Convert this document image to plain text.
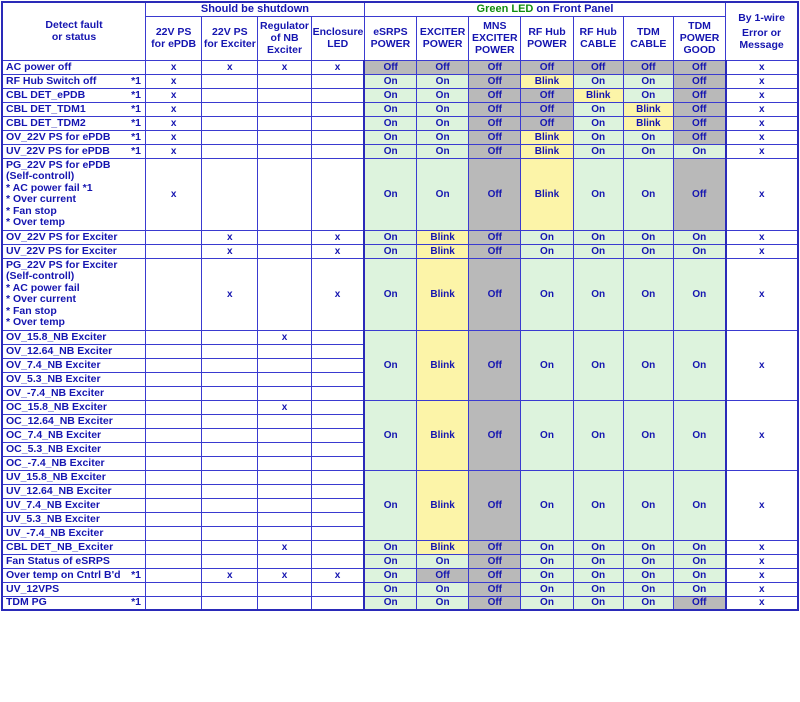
Detect fault
or status
	Should be shutdown	Green LED on Front Panel	
By 1-wire
Error or
Message

22V PS
for ePDB

22V PS
for Exciter

Regulator
of NB
Exciter

Enclosure
LED

eSRPS
POWER

EXCITER
POWER

MNS
EXCITER
POWER

RF Hub
POWER

RF Hub
CABLE

TDM
CABLE

TDM
POWER
GOOD

AC power off	x	x	x	x	Off	Off	Off	Off	Off	Off	Off	x
RF Hub Switch off *1	x				On	On	Off	Blink	On	On	Off	x
CBL DET_ePDB *1	x				On	On	Off	Off	Blink	On	Off	x
CBL DET_TDM1 *1	x				On	On	Off	Off	On	Blink	Off	x
CBL DET_TDM2 *1	x				On	On	Off	Off	On	Blink	Off	x
OV_22V PS for ePDB *1	x				On	On	Off	Blink	On	On	Off	x
UV_22V PS for ePDB *1	x				On	On	Off	Blink	On	On	On	x

PG_22V PS for ePDB
(Self-controll)
* AC power fail *1
* Over current
* Fan stop
* Over temp
	x				On	On	Off	Blink	On	On	Off	x
OV_22V PS for Exciter		x		x	On	Blink	Off	On	On	On	On	x
UV_22V PS for Exciter		x		x	On	Blink	Off	On	On	On	On	x

PG_22V PS for Exciter
(Self-controll)
* AC power fail
* Over current
* Fan stop
* Over temp
		x		x	On	Blink	Off	On	On	On	On	x
OV_15.8_NB Exciter			x		On	Blink	Off	On	On	On	On	x
OV_12.64_NB Exciter												
OV_7.4_NB Exciter												
OV_5.3_NB Exciter												
OV_-7.4_NB Exciter												
OC_15.8_NB Exciter			x		On	Blink	Off	On	On	On	On	x
OC_12.64_NB Exciter												
OC_7.4_NB Exciter												
OC_5.3_NB Exciter												
OC_-7.4_NB Exciter												
UV_15.8_NB Exciter					On	Blink	Off	On	On	On	On	x
UV_12.64_NB Exciter												
UV_7.4_NB Exciter												
UV_5.3_NB Exciter												
UV_-7.4_NB Exciter												
CBL DET_NB_Exciter			x		On	Blink	Off	On	On	On	On	x
Fan Status of eSRPS					On	On	Off	On	On	On	On	x
Over temp on Cntrl B'd *1		x	x	x	On	Off	Off	On	On	On	On	x
UV_12VPS					On	On	Off	On	On	On	On	x
TDM PG *1					On	On	Off	On	On	On	Off	x
